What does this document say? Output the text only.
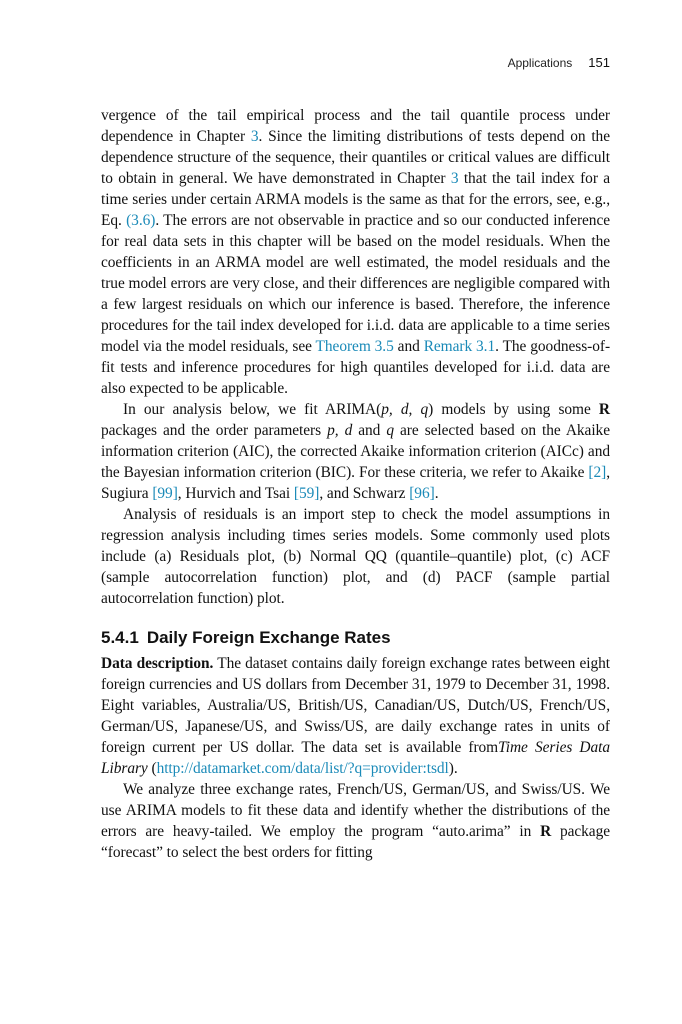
Applications 151

vergence of the tail empirical process and the tail quantile process under dependence in Chapter 3. Since the limiting distributions of tests depend on the dependence structure of the sequence, their quantiles or critical values are difficult to obtain in general. We have demonstrated in Chapter 3 that the tail index for a time series under certain ARMA models is the same as that for the errors, see, e.g., Eq. (3.6). The errors are not observable in practice and so our conducted inference for real data sets in this chapter will be based on the model residuals. When the coefficients in an ARMA model are well estimated, the model residuals and the true model errors are very close, and their differences are negligible compared with a few largest residuals on which our inference is based. Therefore, the inference procedures for the tail index developed for i.i.d. data are applicable to a time series model via the model residuals, see Theorem 3.5 and Remark 3.1. The goodness-of-fit tests and inference procedures for high quantiles developed for i.i.d. data are also expected to be applicable.

In our analysis below, we fit ARIMA(p, d, q) models by using some R packages and the order parameters p, d and q are selected based on the Akaike information criterion (AIC), the corrected Akaike information criterion (AICc) and the Bayesian information criterion (BIC). For these criteria, we refer to Akaike [2], Sugiura [99], Hurvich and Tsai [59], and Schwarz [96].

Analysis of residuals is an import step to check the model assumptions in regression analysis including times series models. Some commonly used plots include (a) Residuals plot, (b) Normal QQ (quantile–quantile) plot, (c) ACF (sample autocorrelation function) plot, and (d) PACF (sample partial autocorrelation function) plot.

5.4.1 Daily Foreign Exchange Rates

Data description. The dataset contains daily foreign exchange rates between eight foreign currencies and US dollars from December 31, 1979 to December 31, 1998. Eight variables, Australia/US, British/US, Canadian/US, Dutch/US, French/US, German/US, Japanese/US, and Swiss/US, are daily exchange rates in units of foreign current per US dollar. The data set is available fromTime Series Data Library (http://datamarket.com/data/list/?q=provider:tsdl).

We analyze three exchange rates, French/US, German/US, and Swiss/US. We use ARIMA models to fit these data and identify whether the distributions of the errors are heavy-tailed. We employ the program “auto.arima” in R package “forecast” to select the best orders for fitting
